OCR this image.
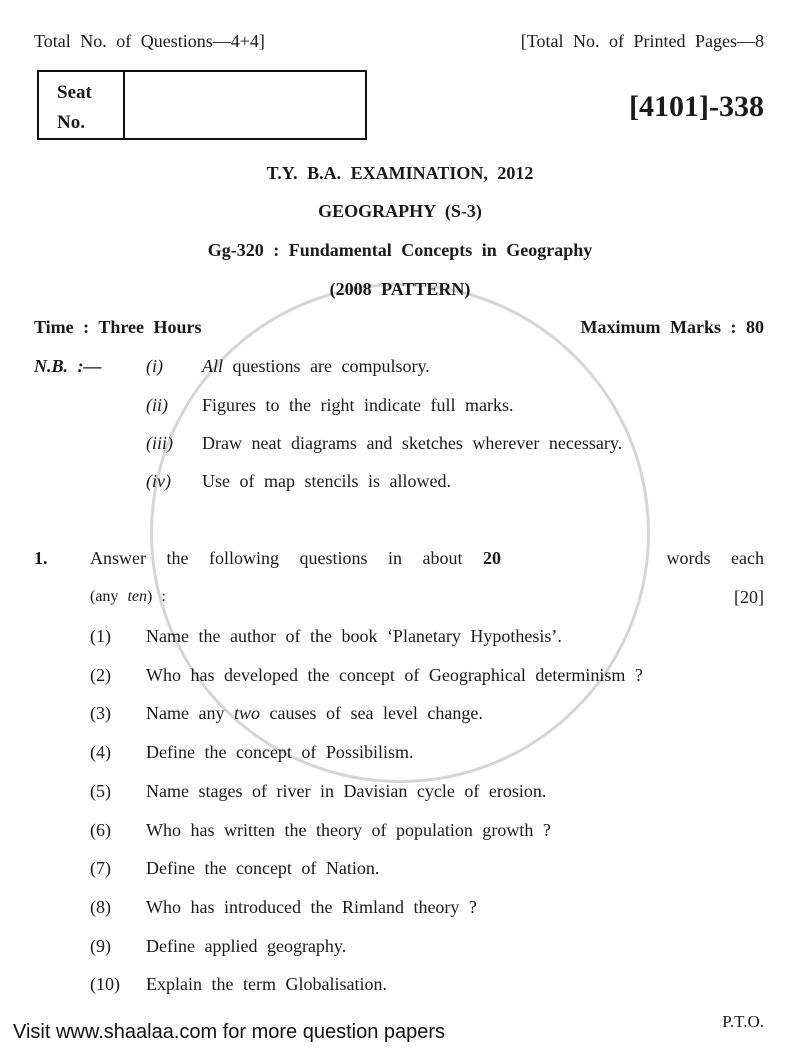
Total No. of Questions—4+4]	[Total No. of Printed Pages—8
Seat
No.	[4101]-338
T.Y. B.A. EXAMINATION, 2012
GEOGRAPHY (S-3)
Gg-320 : Fundamental Concepts in Geography
(2008 PATTERN)
Time : Three Hours	Maximum Marks : 80
N.B. :— (i) All questions are compulsory.
(ii) Figures to the right indicate full marks.
(iii) Draw neat diagrams and sketches wherever necessary.
(iv) Use of map stencils is allowed.
1. Answer the following questions in about 20	words each
(any ten) :	[20]
(1) Name the author of the book ‘Planetary Hypothesis’.
(2) Who has developed the concept of Geographical determinism ?
(3) Name any two causes of sea level change.
(4) Define the concept of Possibilism.
(5) Name stages of river in Davisian cycle of erosion.
(6) Who has written the theory of population growth ?
(7) Define the concept of Nation.
(8) Who has introduced the Rimland theory ?
(9) Define applied geography.
(10) Explain the term Globalisation.
P.T.O.
Visit www.shaalaa.com for more question papers
